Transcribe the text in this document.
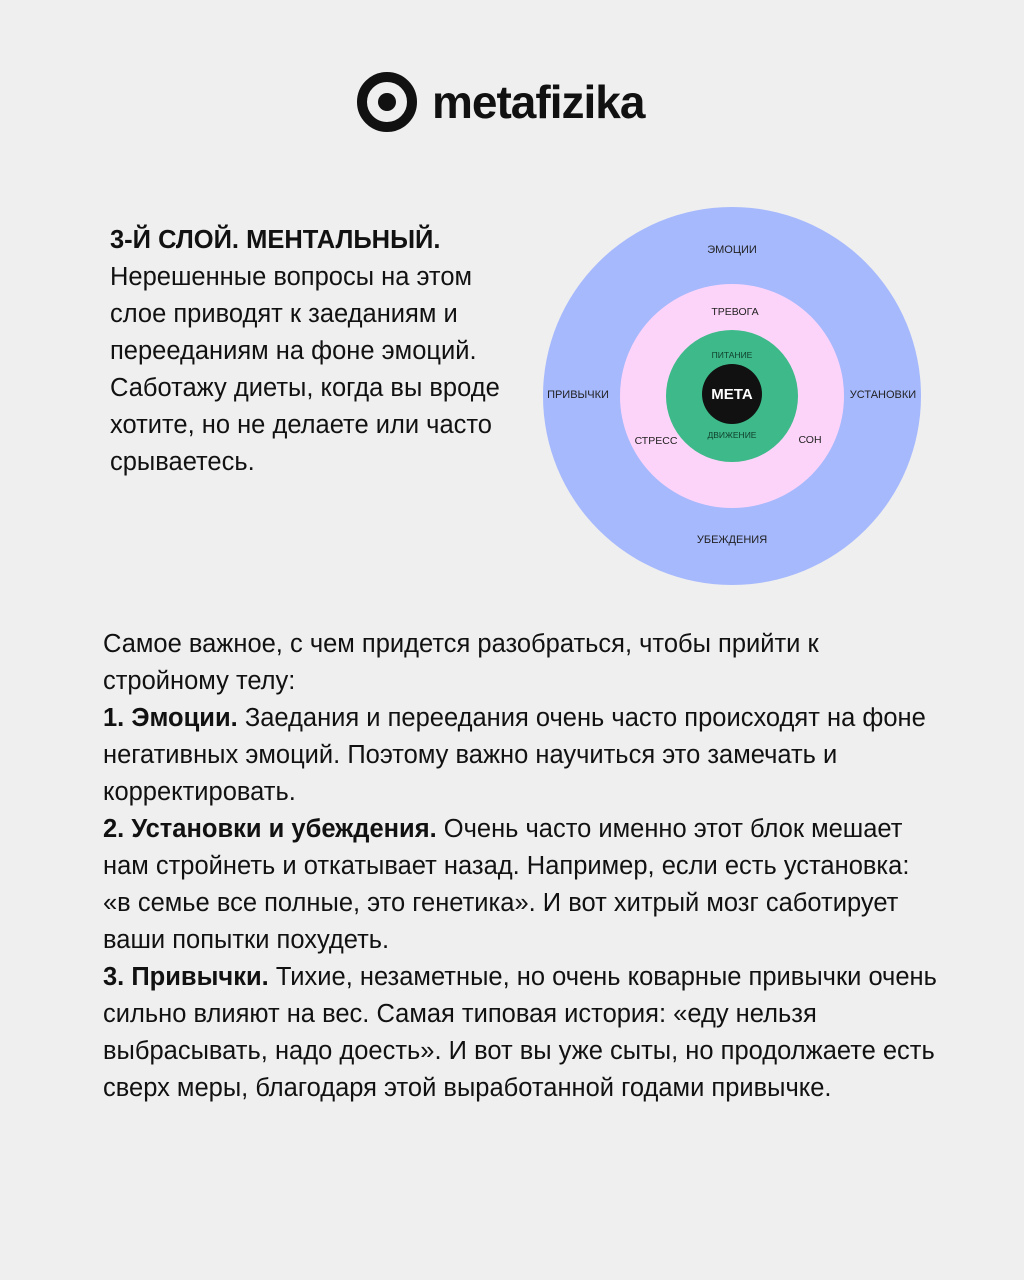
metafizika

3-Й СЛОЙ. МЕНТАЛЬНЫЙ.
Нерешенные вопросы на этом слое приводят к заеданиям и перееданиям на фоне эмоций. Саботажу диеты, когда вы вроде хотите, но не делаете или часто срываетесь.

ЭМОЦИИ
ПРИВЫЧКИ	УСТАНОВКИ
УБЕЖДЕНИЯ
ТРЕВОГА
СТРЕСС	СОН
ПИТАНИЕ
ДВИЖЕНИЕ
МЕТА

Самое важное, с чем придется разобраться, чтобы прийти к стройному телу:

1. Эмоции. Заедания и переедания очень часто происходят на фоне негативных эмоций. Поэтому важно научиться это замечать и корректировать.

2. Установки и убеждения. Очень часто именно этот блок мешает нам стройнеть и откатывает назад. Например, если есть установка: «в семье все полные, это генетика». И вот хитрый мозг саботирует ваши попытки похудеть.

3. Привычки. Тихие, незаметные, но очень коварные привычки очень сильно влияют на вес. Самая типовая история: «еду нельзя выбрасывать, надо доесть». И вот вы уже сыты, но продолжаете есть сверх меры, благодаря этой выработанной годами привычке.
